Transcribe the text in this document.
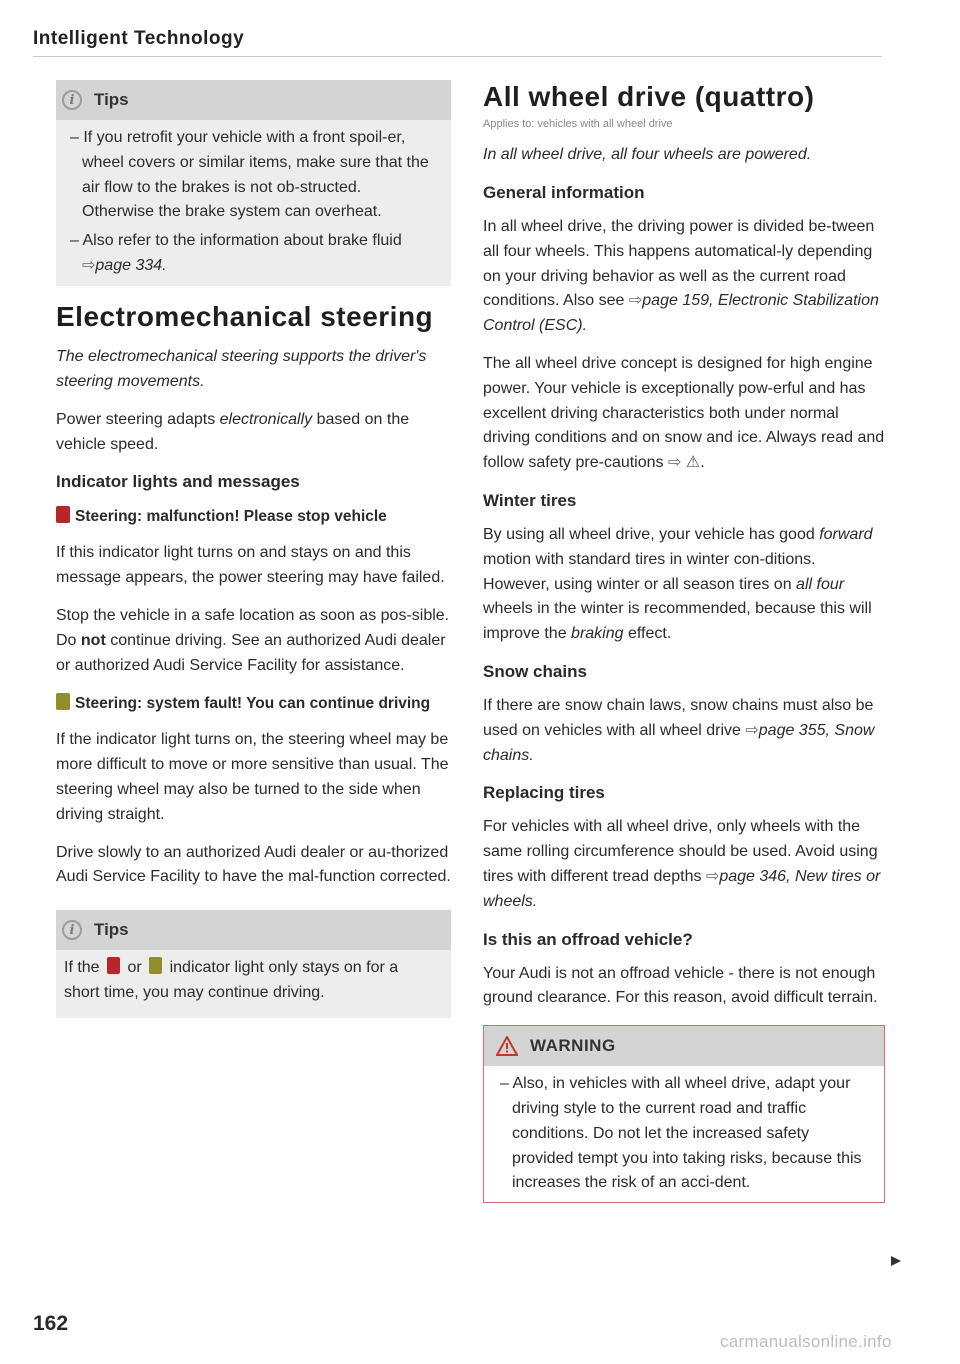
Intelligent Technology
i	Tips

– If you retrofit your vehicle with a front spoil-er, wheel covers or similar items, make sure that the air flow to the brakes is not ob-structed. Otherwise the brake system can overheat.

– Also refer to the information about brake fluid ⇨page 334.

Electromechanical steering

The electromechanical steering supports the driver's steering movements.

Power steering adapts electronically based on the vehicle speed.

Indicator lights and messages
Steering: malfunction! Please stop vehicle

If this indicator light turns on and stays on and this message appears, the power steering may have failed.

Stop the vehicle in a safe location as soon as pos-sible. Do not continue driving. See an authorized Audi dealer or authorized Audi Service Facility for assistance.

Steering: system fault! You can continue driving

If the indicator light turns on, the steering wheel may be more difficult to move or more sensitive than usual. The steering wheel may also be turned to the side when driving straight.

Drive slowly to an authorized Audi dealer or au-thorized Audi Service Facility to have the mal-function corrected.

i	Tips

If the  or  indicator light only stays on for a short time, you may continue driving.

All wheel drive (quattro)
Applies to: vehicles with all wheel drive

In all wheel drive, all four wheels are powered.

General information

In all wheel drive, the driving power is divided be-tween all four wheels. This happens automatical-ly depending on your driving behavior as well as the current road conditions. Also see ⇨page 159, Electronic Stabilization Control (ESC).

The all wheel drive concept is designed for high engine power. Your vehicle is exceptionally pow-erful and has excellent driving characteristics both under normal driving conditions and on snow and ice. Always read and follow safety pre-cautions ⇨ ⚠.

Winter tires

By using all wheel drive, your vehicle has good forward motion with standard tires in winter con-ditions. However, using winter or all season tires on all four wheels in the winter is recommended, because this will improve the braking effect.

Snow chains

If there are snow chain laws, snow chains must also be used on vehicles with all wheel drive ⇨page 355, Snow chains.

Replacing tires

For vehicles with all wheel drive, only wheels with the same rolling circumference should be used. Avoid using tires with different tread depths ⇨page 346, New tires or wheels.

Is this an offroad vehicle?

Your Audi is not an offroad vehicle - there is not enough ground clearance. For this reason, avoid difficult terrain.

WARNING

– Also, in vehicles with all wheel drive, adapt your driving style to the current road and traffic conditions. Do not let the increased safety provided tempt you into taking risks, because this increases the risk of an acci-dent.

162
carmanualsonline.info
